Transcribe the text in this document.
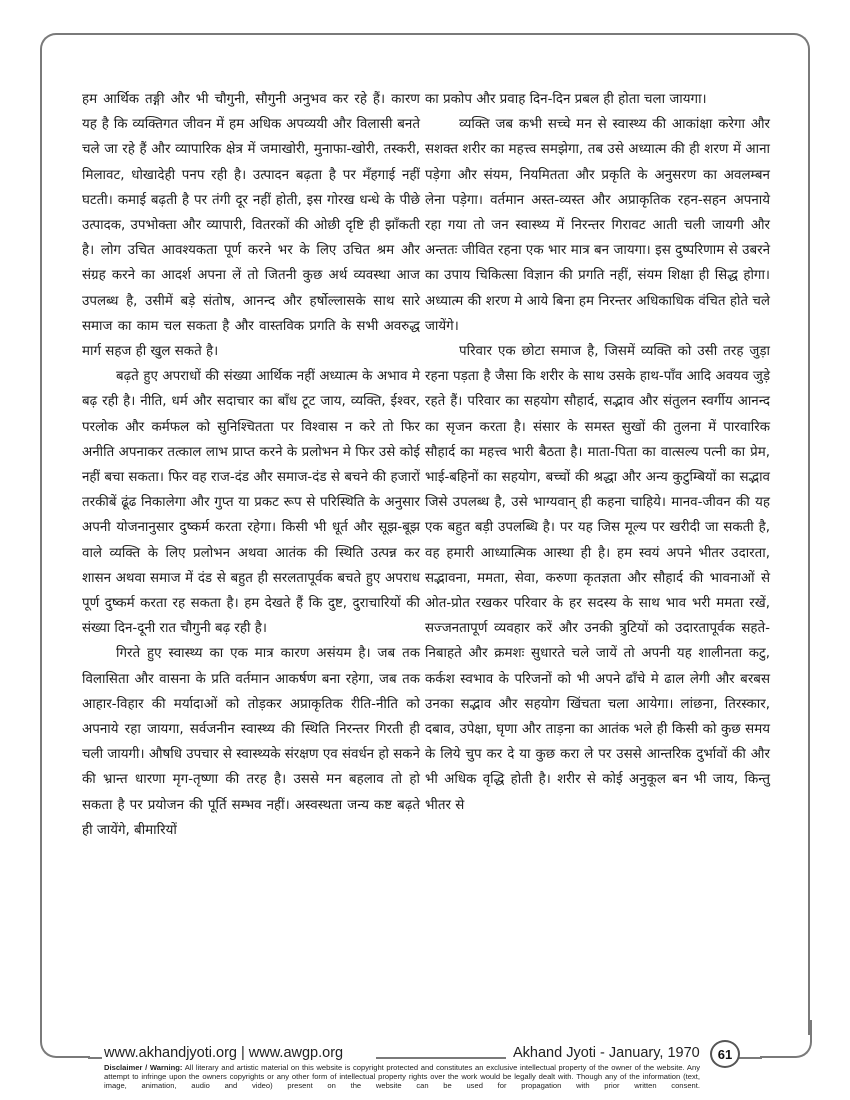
हम आर्थिक तङ्गी और भी चौगुनी, सौगुनी अनुभव कर रहे हैं। कारण यह है कि व्यक्तिगत जीवन में हम अधिक अपव्ययी और विलासी बनते चले जा रहे हैं और व्यापारिक क्षेत्र में जमाखोरी, मुनाफा-खोरी, तस्करी, मिलावट, धोखादेही पनप रही है। उत्पादन बढ़ता है पर मँहगाई नहीं घटती। कमाई बढ़ती है पर तंगी दूर नहीं होती, इस गोरख धन्धे के पीछे उत्पादक, उपभोक्ता और व्यापारी, वितरकों की ओछी दृष्टि ही झाँकती है। लोग उचित आवश्यकता पूर्ण करने भर के लिए उचित श्रम और संग्रह करने का आदर्श अपना लें तो जितनी कुछ अर्थ व्यवस्था आज उपलब्ध है, उसीमें बड़े संतोष, आनन्द और हर्षोल्लासके साथ सारे समाज का काम चल सकता है और वास्तविक प्रगति के सभी अवरुद्ध मार्ग सहज ही खुल सकते है।

बढ़ते हुए अपराधों की संख्या आर्थिक नहीं अध्यात्म के अभाव मे बढ़ रही है। नीति, धर्म और सदाचार का बाँध टूट जाय, व्यक्ति, ईश्वर, परलोक और कर्मफल को सुनिश्चितता पर विश्वास न करे तो फिर अनीति अपनाकर तत्काल लाभ प्राप्त करने के प्रलोभन मे फिर उसे कोई नहीं बचा सकता। फिर वह राज-दंड और समाज-दंड से बचने की हजारों तरकीबें ढूंढ निकालेगा और गुप्त या प्रकट रूप से परिस्थिति के अनुसार अपनी योजनानुसार दुष्कर्म करता रहेगा। किसी भी धूर्त और सूझ-बूझ वाले व्यक्ति के लिए प्रलोभन अथवा आतंक की स्थिति उत्पन्न कर शासन अथवा समाज में दंड से बहुत ही सरलतापूर्वक बचते हुए अपराध पूर्ण दुष्कर्म करता रह सकता है। हम देखते हैं कि दुष्ट, दुराचारियों की संख्या दिन-दूनी रात चौगुनी बढ़ रही है।

गिरते हुए स्वास्थ्य का एक मात्र कारण असंयम है। जब तक विलासिता और वासना के प्रति वर्तमान आकर्षण बना रहेगा, जब तक आहार-विहार की मर्यादाओं को तोड़कर अप्राकृतिक रीति-नीति को अपनाये रहा जायगा, सर्वजनीन स्वास्थ्य की स्थिति निरन्तर गिरती ही चली जायगी। औषधि उपचार से स्वास्थ्यके संरक्षण एव संवर्धन हो सकने की भ्रान्त धारणा मृग-तृष्णा की तरह है। उससे मन बहलाव तो हो सकता है पर प्रयोजन की पूर्ति सम्भव नहीं। अस्वस्थता जन्य कष्ट बढ़ते ही जायेंगे, बीमारियों

का प्रकोप और प्रवाह दिन-दिन प्रबल ही होता चला जायगा।

व्यक्ति जब कभी सच्चे मन से स्वास्थ्य की आकांक्षा करेगा और सशक्त शरीर का महत्त्व समझेगा, तब उसे अध्यात्म की ही शरण में आना पड़ेगा और संयम, नियमितता और प्रकृति के अनुसरण का अवलम्बन लेना पड़ेगा। वर्तमान अस्त-व्यस्त और अप्राकृतिक रहन-सहन अपनाये रहा गया तो जन स्वास्थ्य में निरन्तर गिरावट आती चली जायगी और अन्ततः जीवित रहना एक भार मात्र बन जायगा। इस दुष्परिणाम से उबरने का उपाय चिकित्सा विज्ञान की प्रगति नहीं, संयम शिक्षा ही सिद्ध होगा। अध्यात्म की शरण मे आये बिना हम निरन्तर अधिकाधिक वंचित होते चले जायेंगे।

परिवार एक छोटा समाज है, जिसमें व्यक्ति को उसी तरह जुड़ा रहना पड़ता है जैसा कि शरीर के साथ उसके हाथ-पाँव आदि अवयव जुड़े रहते हैं। परिवार का सहयोग सौहार्द, सद्भाव और संतुलन स्वर्गीय आनन्द का सृजन करता है। संसार के समस्त सुखों की तुलना में पारवारिक सौहार्द का महत्त्व भारी बैठता है। माता-पिता का वात्सल्य पत्नी का प्रेम, भाई-बहिनों का सहयोग, बच्चों की श्रद्धा और अन्य कुटुम्बियों का सद्भाव जिसे उपलब्ध है, उसे भाग्यवान् ही कहना चाहिये। मानव-जीवन की यह एक बहुत बड़ी उपलब्धि है। पर यह जिस मूल्य पर खरीदी जा सकती है, वह हमारी आध्यात्मिक आस्था ही है। हम स्वयं अपने भीतर उदारता, सद्भावना, ममता, सेवा, करुणा कृतज्ञता और सौहार्द की भावनाओं से ओत-प्रोत रखकर परिवार के हर सदस्य के साथ भाव भरी ममता रखें, सज्जनतापूर्ण व्यवहार करें और उनकी त्रुटियों को उदारतापूर्वक सहते-निबाहते और क्रमशः सुधारते चले जायें तो अपनी यह शालीनता कटु, कर्कश स्वभाव के परिजनों को भी अपने ढाँचे मे ढाल लेगी और बरबस उनका सद्भाव और सहयोग खिंचता चला आयेगा। लांछना, तिरस्कार, दबाव, उपेक्षा, घृणा और ताड़ना का आतंक भले ही किसी को कुछ समय के लिये चुप कर दे या कुछ करा ले पर उससे आन्तरिक दुर्भावों की और भी अधिक वृद्धि होती है। शरीर से कोई अनुकूल बन भी जाय, किन्तु भीतर से

www.akhandjyoti.org | www.awgp.org	Akhand Jyoti - January, 1970 61
Disclaimer / Warning: All literary and artistic material on this website is copyright protected and constitutes an exclusive intellectual property of the owner of the website. Any attempt to infringe upon the owners copyrights or any other form of intellectual property rights over the work would be legally dealt with. Though any of the information (text, image, animation, audio and video) present on the website can be used for propagation with prior written consent.
